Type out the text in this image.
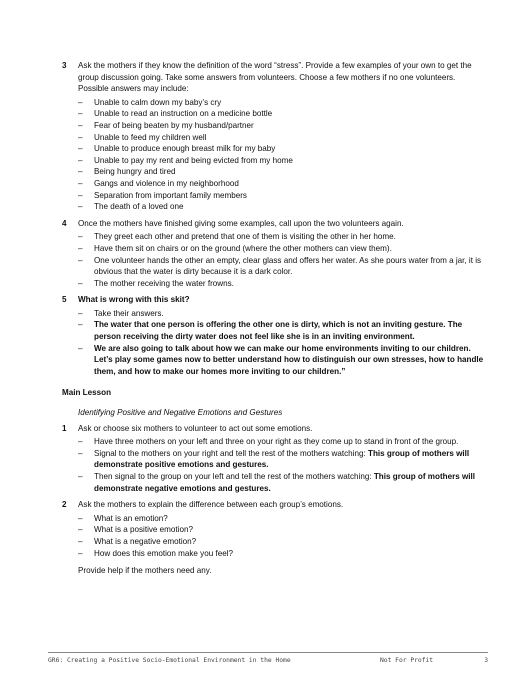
3 Ask the mothers if they know the definition of the word “stress”. Provide a few examples of your own to get the group discussion going. Take some answers from volunteers. Choose a few mothers if no one volunteers. Possible answers may include:

– Unable to calm down my baby’s cry
– Unable to read an instruction on a medicine bottle
– Fear of being beaten by my husband/partner
– Unable to feed my children well
– Unable to produce enough breast milk for my baby
– Unable to pay my rent and being evicted from my home
– Being hungry and tired
– Gangs and violence in my neighborhood
– Separation from important family members
– The death of a loved one
4 Once the mothers have finished giving some examples, call upon the two volunteers again.

– They greet each other and pretend that one of them is visiting the other in her home.
– Have them sit on chairs or on the ground (where the other mothers can view them).
– One volunteer hands the other an empty, clear glass and offers her water. As she pours water from a jar, it is obvious that the water is dirty because it is a dark color.
– The mother receiving the water frowns.
5 What is wrong with this skit?

– Take their answers.
– The water that one person is offering the other one is dirty, which is not an inviting gesture. The person receiving the dirty water does not feel like she is in an inviting environment.
– We are also going to talk about how we can make our home environments inviting to our children. Let’s play some games now to better understand how to distinguish our own stresses, how to handle them, and how to make our homes more inviting to our children.”
Main Lesson
Identifying Positive and Negative Emotions and Gestures
1 Ask or choose six mothers to volunteer to act out some emotions.

– Have three mothers on your left and three on your right as they come up to stand in front of the group.
– Signal to the mothers on your right and tell the rest of the mothers watching: This group of mothers will demonstrate positive emotions and gestures.
– Then signal to the group on your left and tell the rest of the mothers watching: This group of mothers will demonstrate negative emotions and gestures.
2 Ask the mothers to explain the difference between each group’s emotions.

– What is an emotion?
– What is a positive emotion?
– What is a negative emotion?
– How does this emotion make you feel?

Provide help if the mothers need any.

GR6: Creating a Positive Socio-Emotional Environment in the Home	Not For Profit	3
